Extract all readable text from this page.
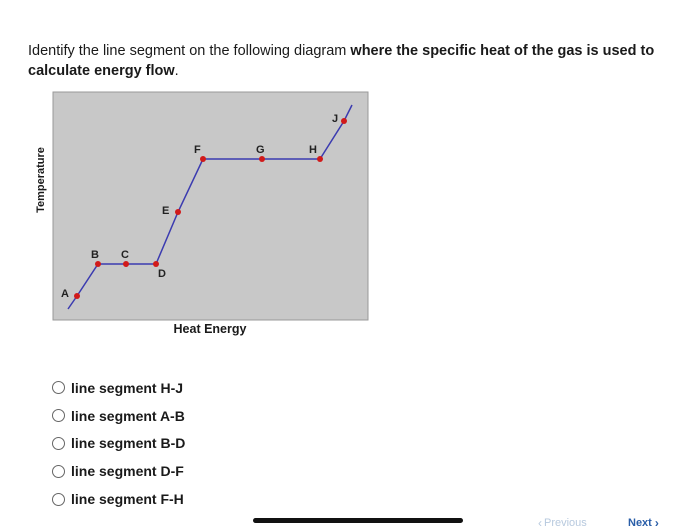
Identify the line segment on the following diagram where the specific heat of the gas is used to calculate energy flow.

A
B C
D
E
F	G	H
J
Temperature
Heat Energy
line segment H-J
line segment A-B
line segment B-D
line segment D-F
line segment F-H
‹ Previous	Next ›
